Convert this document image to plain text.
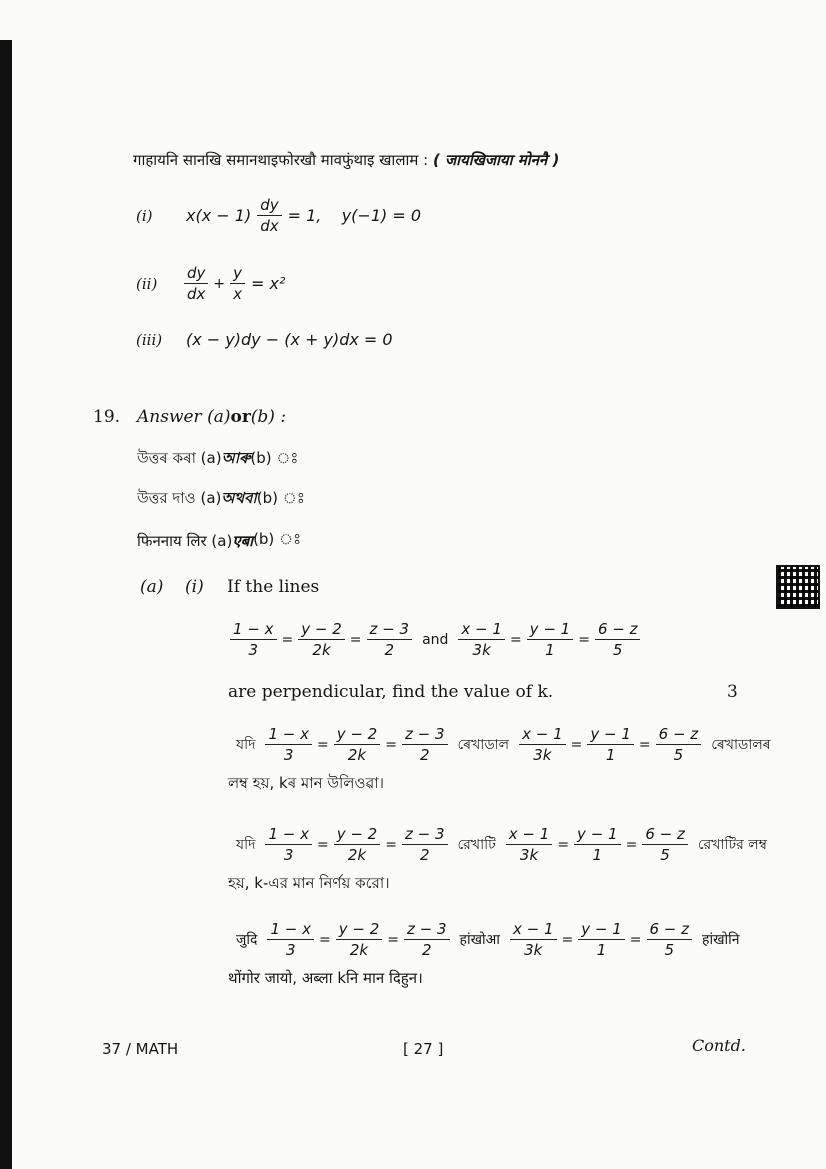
गाहायनि सानखि समानथाइफोरखौ मावफुंथाइ खालाम :
( जायखिजाया मोननै )
(i)	$x(x - 1) \frac{dy}{dx} = 1$,    y(−1) = 0
(ii)	$\frac{dy}{dx} + \frac{y}{x} = x^2$
(iii)	(x − y)dy − (x + y)dx = 0
19. Answer (a) or (b) :
উত্তৰ কৰা (a) আৰু (b) ঃ
উত্তর দাও (a) অথবা (b) ঃ
फिननाय लिर (a) एबा (b) ঃ
(a)	(i)	If the lines
$\frac{1 - x}{3} = \frac{y - 2}{2k} = \frac{z - 3}{2}$ and $\frac{x - 1}{3k} = \frac{y - 1}{1} = \frac{6 - z}{5}$
are perpendicular, find the value of k.	3
যদি $\frac{1 - x}{3} = \frac{y - 2}{2k} = \frac{z - 3}{2}$ ৰেখাডাল $\frac{x - 1}{3k} = \frac{y - 1}{1} = \frac{6 - z}{5}$ ৰেখাডালৰ
লম্ব হয়, kৰ মান উলিওৱা।
যদি $\frac{1 - x}{3} = \frac{y - 2}{2k} = \frac{z - 3}{2}$ রেখাটি $\frac{x - 1}{3k} = \frac{y - 1}{1} = \frac{6 - z}{5}$ রেখাটির লম্ব
হয়, k-এর মান নির্ণয় করো।
जुदि $\frac{1 - x}{3} = \frac{y - 2}{2k} = \frac{z - 3}{2}$ हांखोआ $\frac{x - 1}{3k} = \frac{y - 1}{1} = \frac{6 - z}{5}$ हांखोनि
थोंगोर जायो, अब्ला kनि मान दिहुन।
37 / MATH	[ 27 ]	Contd.
